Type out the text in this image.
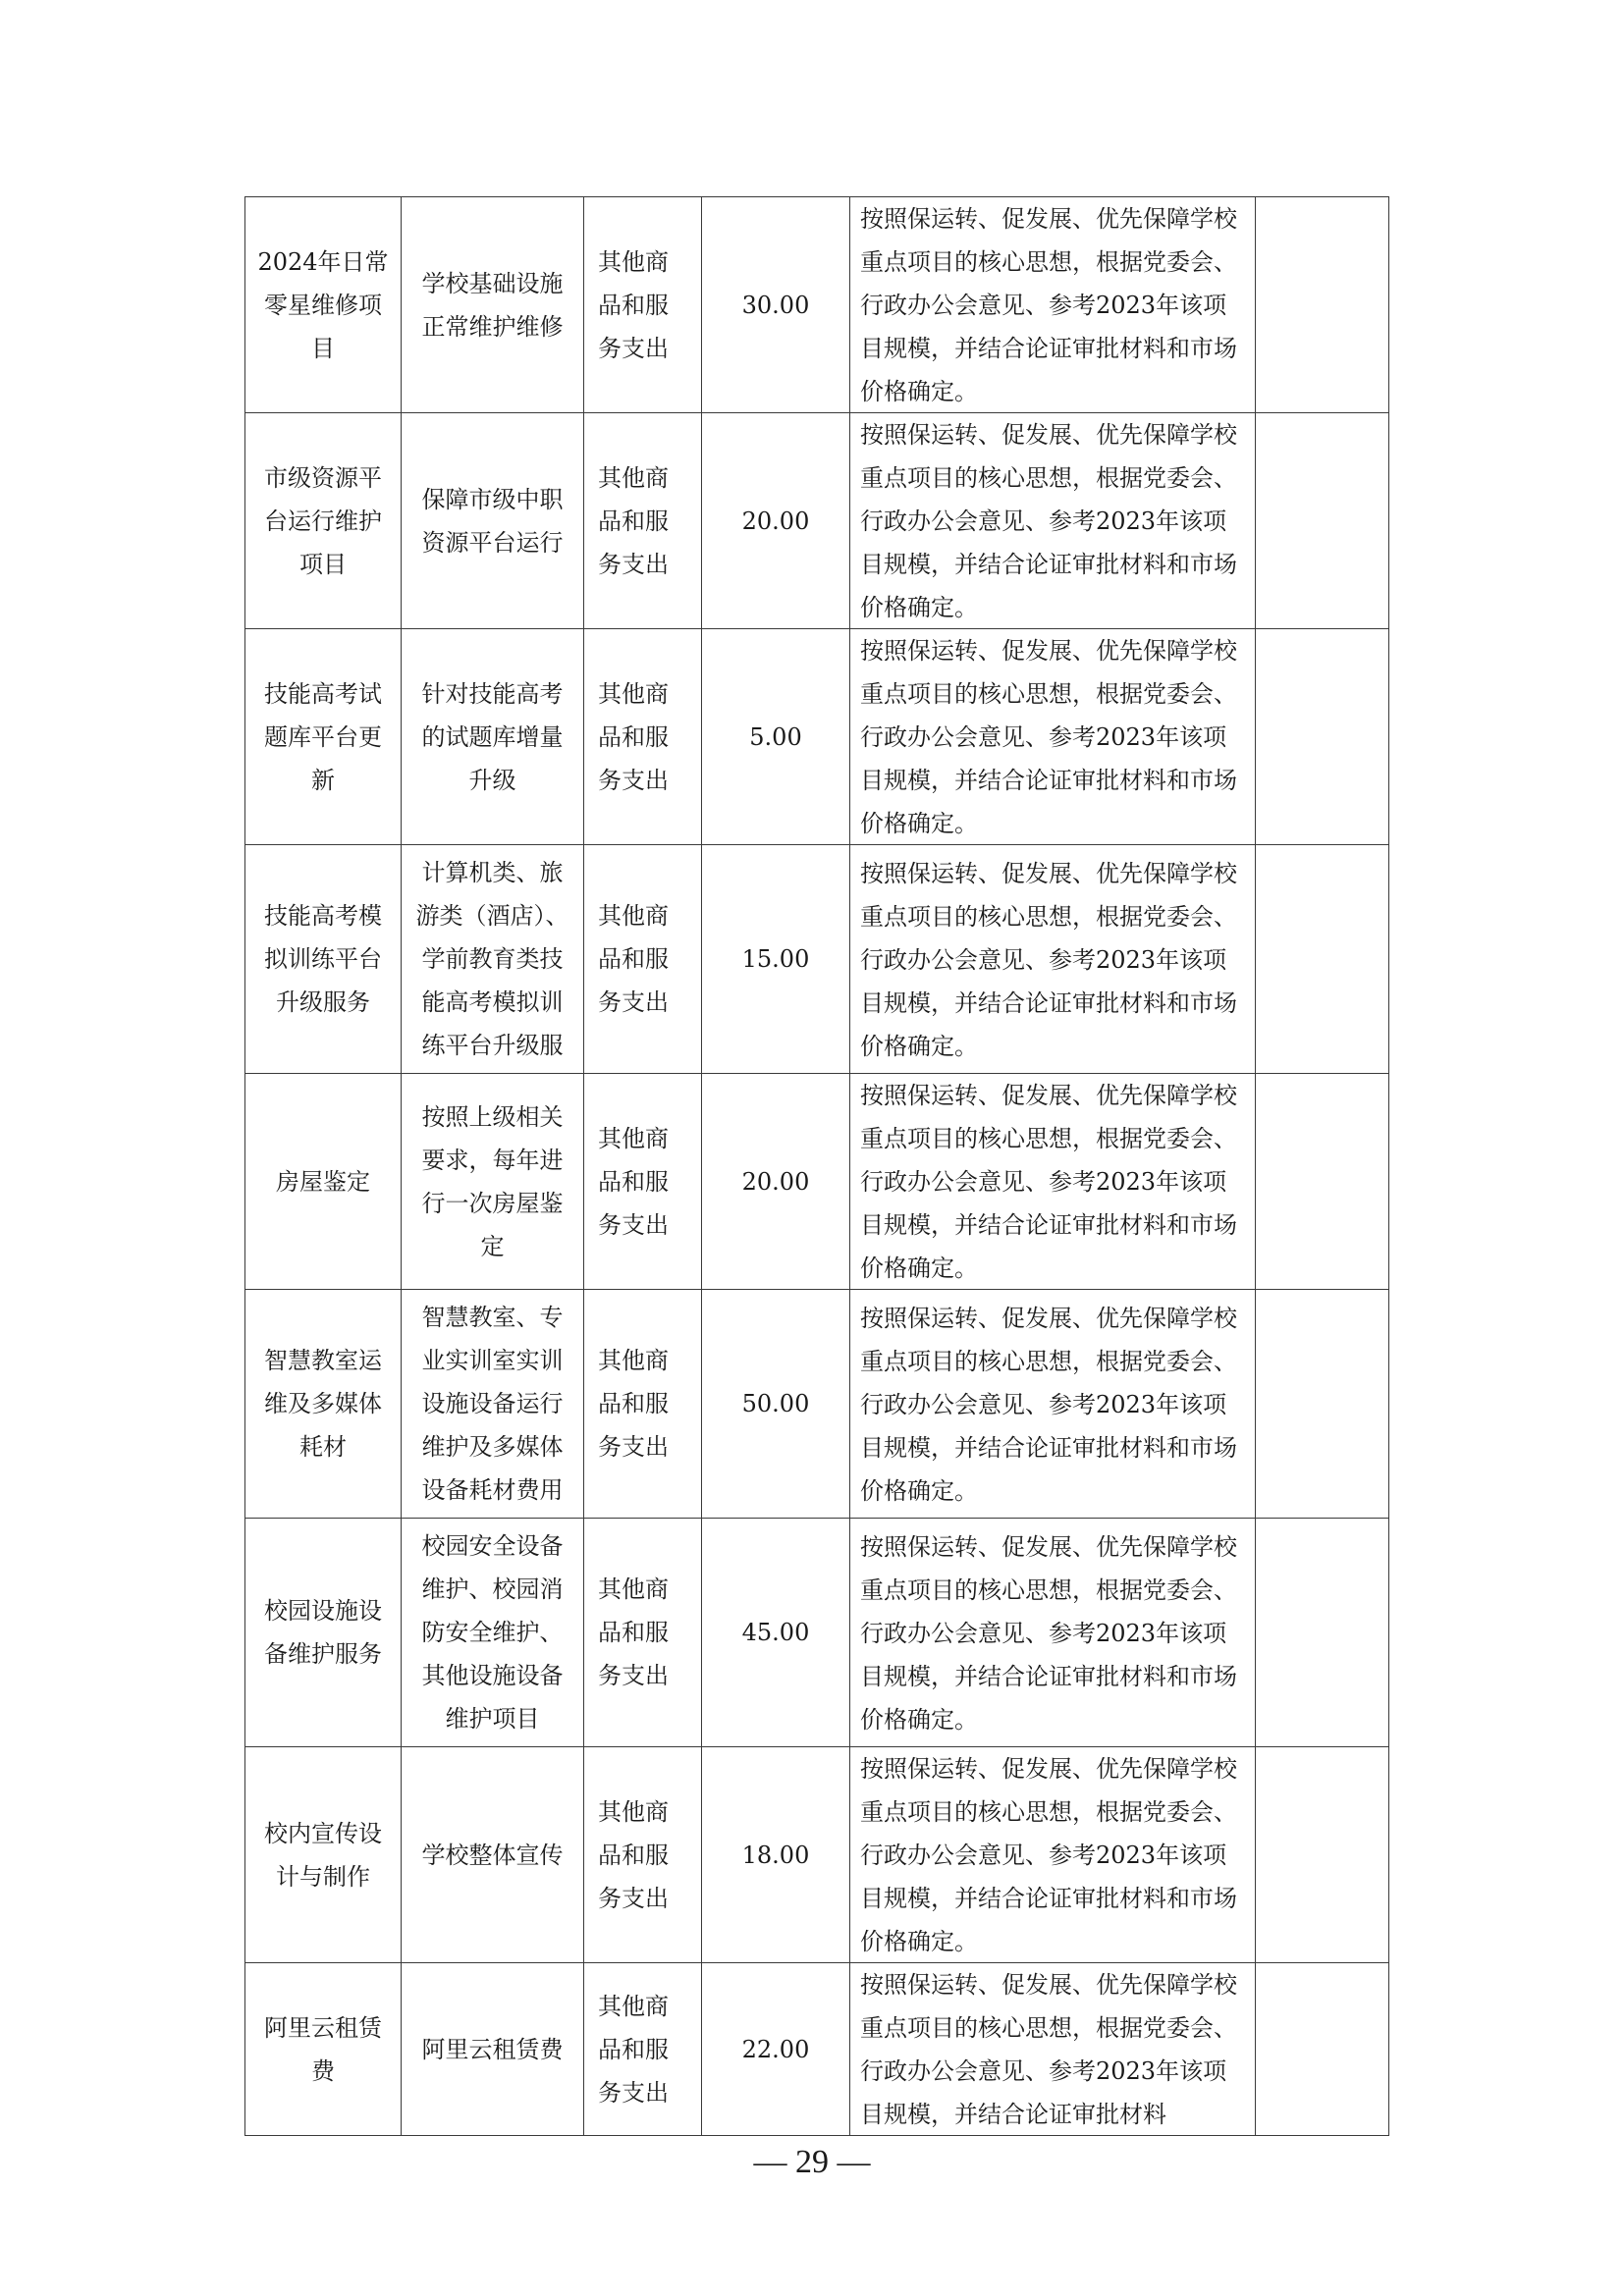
2024年日常零星维修项目	学校基础设施正常维护维修	其他商品和服务支出	30.00	按照保运转、促发展、优先保障学校重点项目的核心思想，根据党委会、行政办公会意见、参考2023年该项目规模，并结合论证审批材料和市场价格确定。	

市级资源平台运行维护项目	保障市级中职资源平台运行	其他商品和服务支出	20.00	按照保运转、促发展、优先保障学校重点项目的核心思想，根据党委会、行政办公会意见、参考2023年该项目规模，并结合论证审批材料和市场价格确定。	

技能高考试题库平台更新	针对技能高考的试题库增量升级	其他商品和服务支出	5.00	按照保运转、促发展、优先保障学校重点项目的核心思想，根据党委会、行政办公会意见、参考2023年该项目规模，并结合论证审批材料和市场价格确定。	

技能高考模拟训练平台升级服务	计算机类、旅游类（酒店）、学前教育类技能高考模拟训练平台升级服	其他商品和服务支出	15.00	按照保运转、促发展、优先保障学校重点项目的核心思想，根据党委会、行政办公会意见、参考2023年该项目规模，并结合论证审批材料和市场价格确定。	

房屋鉴定	按照上级相关要求，每年进行一次房屋鉴定	其他商品和服务支出	20.00	按照保运转、促发展、优先保障学校重点项目的核心思想，根据党委会、行政办公会意见、参考2023年该项目规模，并结合论证审批材料和市场价格确定。	

智慧教室运维及多媒体耗材	智慧教室、专业实训室实训设施设备运行维护及多媒体设备耗材费用	其他商品和服务支出	50.00	按照保运转、促发展、优先保障学校重点项目的核心思想，根据党委会、行政办公会意见、参考2023年该项目规模，并结合论证审批材料和市场价格确定。	

校园设施设备维护服务	校园安全设备维护、校园消防安全维护、其他设施设备维护项目	其他商品和服务支出	45.00	按照保运转、促发展、优先保障学校重点项目的核心思想，根据党委会、行政办公会意见、参考2023年该项目规模，并结合论证审批材料和市场价格确定。	

校内宣传设计与制作	学校整体宣传	其他商品和服务支出	18.00	按照保运转、促发展、优先保障学校重点项目的核心思想，根据党委会、行政办公会意见、参考2023年该项目规模，并结合论证审批材料和市场价格确定。	

阿里云租赁费	阿里云租赁费	其他商品和服务支出	22.00	按照保运转、促发展、优先保障学校重点项目的核心思想，根据党委会、行政办公会意见、参考2023年该项目规模，并结合论证审批材料	

— 29 —
